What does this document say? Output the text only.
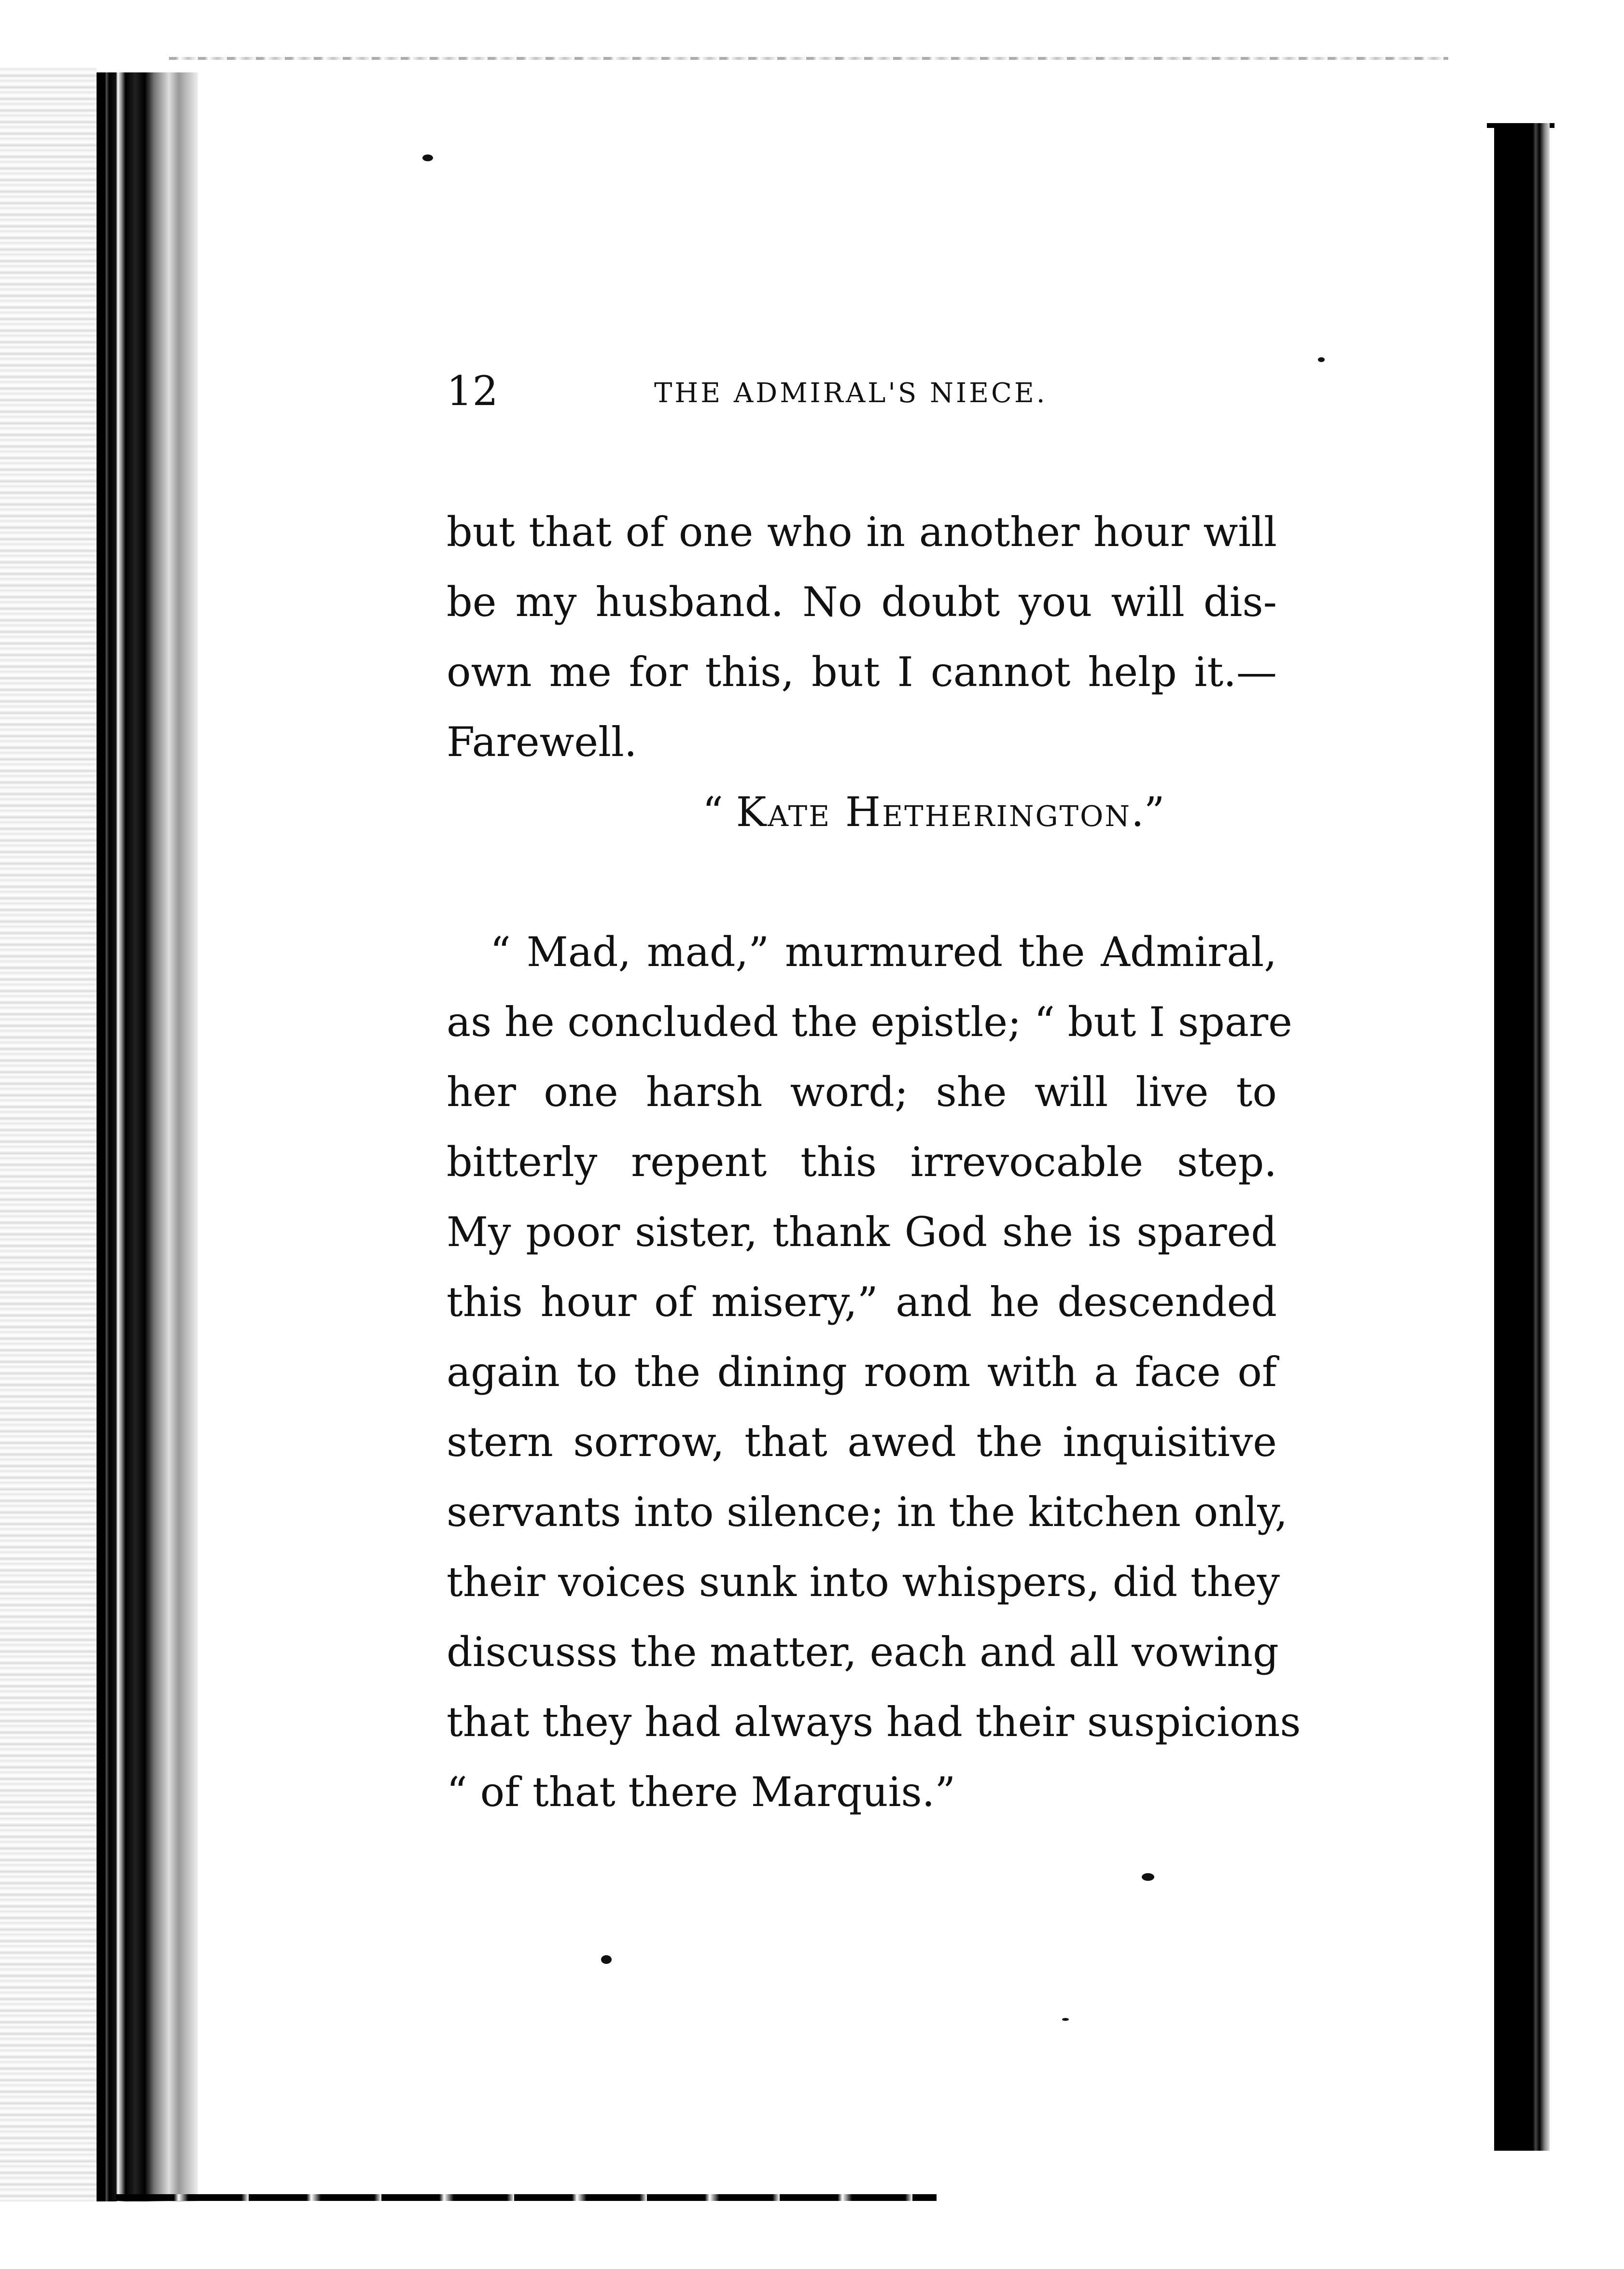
12	THE ADMIRAL'S NIECE.
but that of one who in another hour will
be my husband. No doubt you will dis-
own me for this, but I cannot help it.—
Farewell.
“ Kate Hetherington.”
“ Mad, mad,” murmured the Admiral,
as he concluded the epistle; “ but I spare
her one harsh word; she will live to
bitterly repent this irrevocable step.
My poor sister, thank God she is spared
this hour of misery,” and he descended
again to the dining room with a face of
stern sorrow, that awed the inquisitive
servants into silence; in the kitchen only,
their voices sunk into whispers, did they
discusss the matter, each and all vowing
that they had always had their suspicions
“ of that there Marquis.”
